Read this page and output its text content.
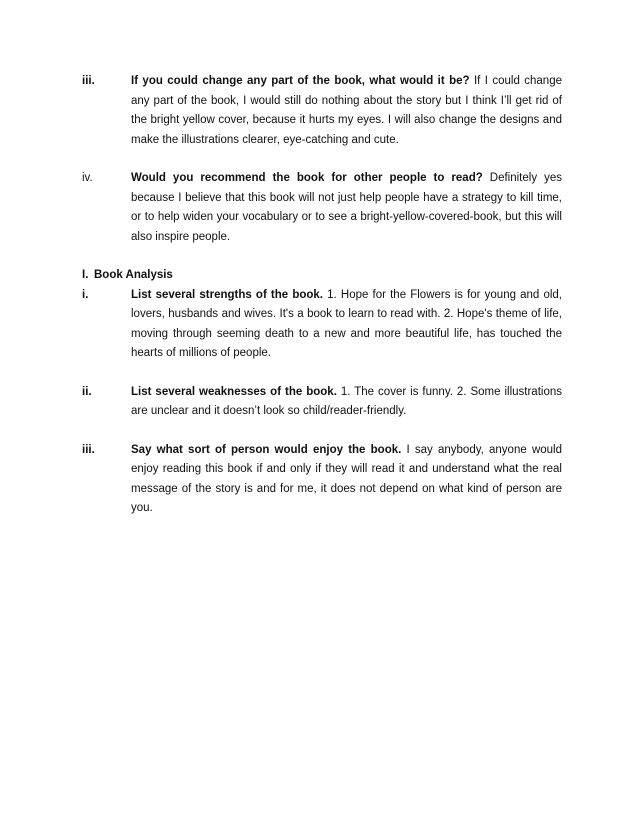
iii.	If you could change any part of the book, what would it be? If I could change any part of the book, I would still do nothing about the story but I think I’ll get rid of the bright yellow cover, because it hurts my eyes. I will also change the designs and make the illustrations clearer, eye-catching and cute.
iv.	Would you recommend the book for other people to read? Definitely yes because I believe that this book will not just help people have a strategy to kill time, or to help widen your vocabulary or to see a bright-yellow-covered-book, but this will also inspire people.
I. Book Analysis
i.	List several strengths of the book. 1. Hope for the Flowers is for young and old, lovers, husbands and wives. It's a book to learn to read with. 2. Hope's theme of life, moving through seeming death to a new and more beautiful life, has touched the hearts of millions of people.
ii.	List several weaknesses of the book. 1. The cover is funny. 2. Some illustrations are unclear and it doesn’t look so child/reader-friendly.
iii.	Say what sort of person would enjoy the book. I say anybody, anyone would enjoy reading this book if and only if they will read it and understand what the real message of the story is and for me, it does not depend on what kind of person are you.
